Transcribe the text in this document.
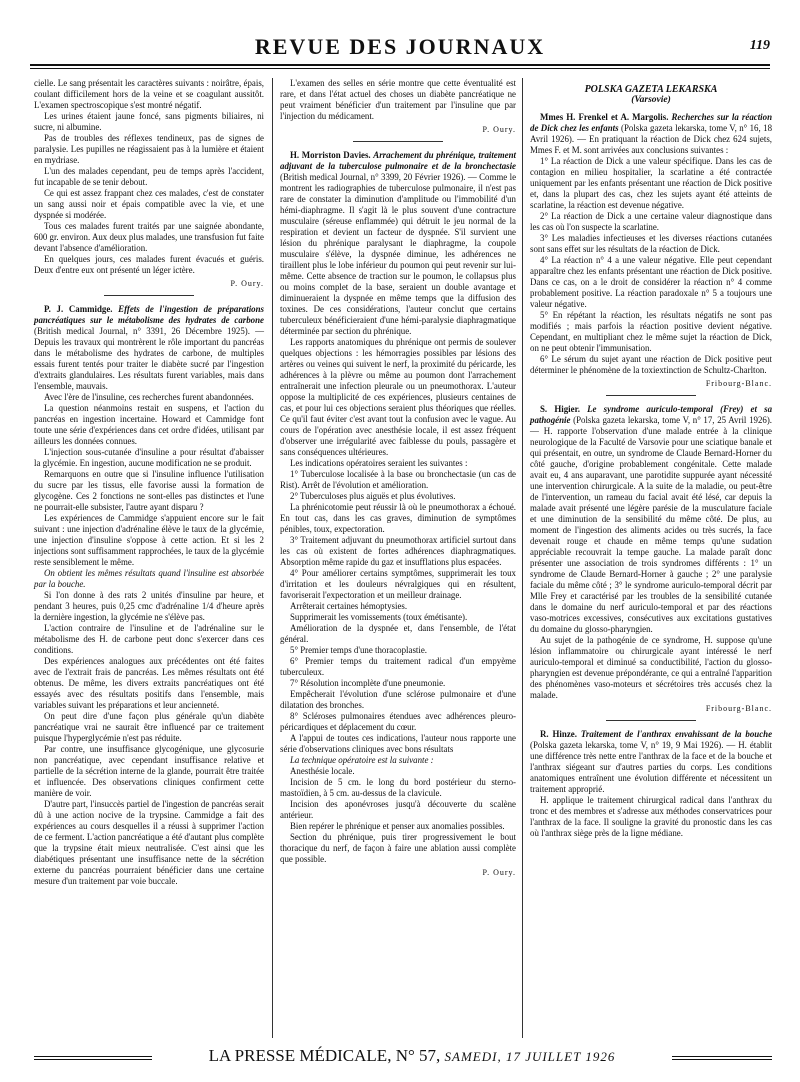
REVUE DES JOURNAUX	119

cielle. Le sang présentait les caractères suivants : noirâtre, épais, coulant difficilement hors de la veine et se coagulant aussitôt. L'examen spectroscopique s'est montré négatif.

Les urines étaient jaune foncé, sans pigments biliaires, ni sucre, ni albumine.

Pas de troubles des réflexes tendineux, pas de signes de paralysie. Les pupilles ne réagissaient pas à la lumière et étaient en mydriase.

L'un des malades cependant, peu de temps après l'accident, fut incapable de se tenir debout.

Ce qui est assez frappant chez ces malades, c'est de constater un sang aussi noir et épais compatible avec la vie, et une dyspnée si modérée.

Tous ces malades furent traités par une saignée abondante, 600 gr. environ. Aux deux plus malades, une transfusion fut faite devant l'absence d'amélioration.

En quelques jours, ces malades furent évacués et guéris. Deux d'entre eux ont présenté un léger ictère.

P. Oury.

P. J. Cammidge. Effets de l'ingestion de préparations pancréatiques sur le métabolisme des hydrates de carbone (British medical Journal, n° 3391, 26 Décembre 1925). — Depuis les travaux qui montrèrent le rôle important du pancréas dans le métabolisme des hydrates de carbone, de multiples essais furent tentés pour traiter le diabète sucré par l'ingestion d'extraits glandulaires. Les résultats furent variables, mais dans l'ensemble, mauvais.

Avec l'ère de l'insuline, ces recherches furent abandonnées.

La question néanmoins restait en suspens, et l'action du pancréas en ingestion incertaine. Howard et Cammidge font toute une série d'expériences dans cet ordre d'idées, utilisant par ailleurs les données connues.

L'injection sous-cutanée d'insuline a pour résultat d'abaisser la glycémie. En ingestion, aucune modification ne se produit.

Remarquons en outre que si l'insuline influence l'utilisation du sucre par les tissus, elle favorise aussi la formation de glycogène. Ces 2 fonctions ne sont-elles pas distinctes et l'une ne pourrait-elle subsister, l'autre ayant disparu ?

Les expériences de Cammidge s'appuient encore sur le fait suivant : une injection d'adrénaline élève le taux de la glycémie, une injection d'insuline s'oppose à cette action. Et si les 2 injections sont suffisamment rapprochées, le taux de la glycémie reste sensiblement le même.

On obtient les mêmes résultats quand l'insuline est absorbée par la bouche.

Si l'on donne à des rats 2 unités d'insuline par heure, et pendant 3 heures, puis 0,25 cmc d'adrénaline 1/4 d'heure après la dernière ingestion, la glycémie ne s'élève pas.

L'action contraire de l'insuline et de l'adrénaline sur le métabolisme des H. de carbone peut donc s'exercer dans ces conditions.

Des expériences analogues aux précédentes ont été faites avec de l'extrait frais de pancréas. Les mêmes résultats ont été obtenus. De même, les divers extraits pancréatiques ont été essayés avec des résultats positifs dans l'ensemble, mais variables suivant les préparations et leur ancienneté.

On peut dire d'une façon plus générale qu'un diabète pancréatique vrai ne saurait être influencé par ce traitement puisque l'hyperglycémie n'est pas réduite.

Par contre, une insuffisance glycogénique, une glycosurie non pancréatique, avec cependant insuffisance relative et partielle de la sécrétion interne de la glande, pourrait être traitée et influencée. Des observations cliniques confirment cette manière de voir.

D'autre part, l'insuccès partiel de l'ingestion de pancréas serait dû à une action nocive de la trypsine. Cammidge a fait des expériences au cours desquelles il a réussi à supprimer l'action de ce ferment. L'action pancréatique a été d'autant plus complète que la trypsine était mieux neutralisée. C'est ainsi que les diabétiques présentant une insuffisance nette de la sécrétion externe du pancréas pourraient bénéficier dans une certaine mesure d'un traitement par voie buccale.

L'examen des selles en série montre que cette éventualité est rare, et dans l'état actuel des choses un diabète pancréatique ne peut vraiment bénéficier d'un traitement par l'insuline que par l'injection du médicament.

P. Oury.

H. Morriston Davies. Arrachement du phrénique, traitement adjuvant de la tuberculose pulmonaire et de la bronchectasie (British medical Journal, n° 3399, 20 Février 1926). — Comme le montrent les radiographies de tuberculose pulmonaire, il n'est pas rare de constater la diminution d'amplitude ou l'immobilité d'un hémi-diaphragme. Il s'agit là le plus souvent d'une contracture musculaire (séreuse enflammée) qui détruit le jeu normal de la respiration et devient un facteur de dyspnée. S'il survient une lésion du phrénique paralysant le diaphragme, la coupole musculaire s'élève, la dyspnée diminue, les adhérences ne tiraillent plus le lobe inférieur du poumon qui peut revenir sur lui-même. Cette absence de traction sur le poumon, le collapsus plus ou moins complet de la base, seraient un double avantage et diminueraient la dyspnée en même temps que la diffusion des toxines. De ces considérations, l'auteur conclut que certains tuberculeux bénéficieraient d'une hémi-paralysie diaphragmatique déterminée par section du phrénique.

Les rapports anatomiques du phrénique ont permis de soulever quelques objections : les hémorragies possibles par lésions des artères ou veines qui suivent le nerf, la proximité du péricarde, les adhérences à la plèvre ou même au poumon dont l'arrachement entraînerait une infection pleurale ou un pneumothorax. L'auteur oppose la multiplicité de ces expériences, plusieurs centaines de cas, et pour lui ces objections seraient plus théoriques que réelles. Ce qu'il faut éviter c'est avant tout la confusion avec le vague. Au cours de l'opération avec anesthésie locale, il est assez fréquent d'observer une irrégularité avec faiblesse du pouls, passagère et sans conséquences ultérieures.

Les indications opératoires seraient les suivantes :

1° Tuberculose localisée à la base ou bronchectasie (un cas de Rist). Arrêt de l'évolution et amélioration.

2° Tuberculoses plus aiguës et plus évolutives.

La phrénicotomie peut réussir là où le pneumothorax a échoué. En tout cas, dans les cas graves, diminution de symptômes pénibles, toux, expectoration.

3° Traitement adjuvant du pneumothorax artificiel surtout dans les cas où existent de fortes adhérences diaphragmatiques. Absorption même rapide du gaz et insufflations plus espacées.

4° Pour améliorer certains symptômes, supprimerait les toux d'irritation et les douleurs névralgiques qui en résultent, favoriserait l'expectoration et un meilleur drainage.

Arrêterait certaines hémoptysies.

Supprimerait les vomissements (toux émétisante).

Amélioration de la dyspnée et, dans l'ensemble, de l'état général.

5° Premier temps d'une thoracoplastie.

6° Premier temps du traitement radical d'un empyème tuberculeux.

7° Résolution incomplète d'une pneumonie.

Empêcherait l'évolution d'une sclérose pulmonaire et d'une dilatation des bronches.

8° Scléroses pulmonaires étendues avec adhérences pleuro-péricardiques et déplacement du cœur.

A l'appui de toutes ces indications, l'auteur nous rapporte une série d'observations cliniques avec bons résultats

La technique opératoire est la suivante :

Anesthésie locale.

Incision de 5 cm. le long du bord postérieur du sterno-mastoïdien, à 5 cm. au-dessus de la clavicule.

Incision des aponévroses jusqu'à découverte du scalène antérieur.

Bien repérer le phrénique et penser aux anomalies possibles.

Section du phrénique, puis tirer progressivement le bout thoracique du nerf, de façon à faire une ablation aussi complète que possible.

P. Oury.
POLSKA GAZETA LEKARSKA
(Varsovie)

Mmes H. Frenkel et A. Margolis. Recherches sur la réaction de Dick chez les enfants (Polska gazeta lekarska, tome V, n° 16, 18 Avril 1926). — En pratiquant la réaction de Dick chez 624 sujets, Mmes F. et M. sont arrivées aux conclusions suivantes :

1° La réaction de Dick a une valeur spécifique. Dans les cas de contagion en milieu hospitalier, la scarlatine a été contractée uniquement par les enfants présentant une réaction de Dick positive et, dans la plupart des cas, chez les sujets ayant été atteints de scarlatine, la réaction est devenue négative.

2° La réaction de Dick a une certaine valeur diagnostique dans les cas où l'on suspecte la scarlatine.

3° Les maladies infectieuses et les diverses réactions cutanées sont sans effet sur les résultats de la réaction de Dick.

4° La réaction n° 4 a une valeur négative. Elle peut cependant apparaître chez les enfants présentant une réaction de Dick positive. Dans ce cas, on a le droit de considérer la réaction n° 4 comme probablement positive. La réaction paradoxale n° 5 a toujours une valeur négative.

5° En répétant la réaction, les résultats négatifs ne sont pas modifiés ; mais parfois la réaction positive devient négative. Cependant, en multipliant chez le même sujet la réaction de Dick, on ne peut obtenir l'immunisation.

6° Le sérum du sujet ayant une réaction de Dick positive peut déterminer le phénomène de la toxiextinction de Schultz-Charlton.

Fribourg-Blanc.

S. Higier. Le syndrome auriculo-temporal (Frey) et sa pathogénie (Polska gazeta lekarska, tome V, n° 17, 25 Avril 1926). — H. rapporte l'observation d'une malade entrée à la clinique neurologique de la Faculté de Varsovie pour une sciatique banale et qui présentait, en outre, un syndrome de Claude Bernard-Horner du côté gauche, d'origine probablement congénitale. Cette malade avait eu, 4 ans auparavant, une parotidite suppurée ayant nécessité une intervention chirurgicale. A la suite de la maladie, ou peut-être de l'intervention, un rameau du facial avait été lésé, car depuis la malade avait présenté une légère parésie de la musculature faciale et une diminution de la sensibilité du même côté. De plus, au moment de l'ingestion des aliments acides ou très sucrés, la face devenait rouge et chaude en même temps qu'une sudation appréciable recouvrait la tempe gauche. La malade paraît donc présenter une association de trois syndromes différents : 1° un syndrome de Claude Bernard-Horner à gauche ; 2° une paralysie faciale du même côté ; 3° le syndrome auriculo-temporal décrit par Mlle Frey et caractérisé par les troubles de la sensibilité cutanée dans le domaine du nerf auriculo-temporal et par des réactions vaso-motrices excessives, consécutives aux excitations gustatives du domaine du glosso-pharyngien.

Au sujet de la pathogénie de ce syndrome, H. suppose qu'une lésion inflammatoire ou chirurgicale ayant intéressé le nerf auriculo-temporal et diminué sa conductibilité, l'action du glosso-pharyngien est devenue prépondérante, ce qui a entraîné l'apparition des phénomènes vaso-moteurs et sécrétoires très accusés chez la malade.

Fribourg-Blanc.

R. Hinze. Traitement de l'anthrax envahissant de la bouche (Polska gazeta lekarska, tome V, n° 19, 9 Mai 1926). — H. établit une différence très nette entre l'anthrax de la face et de la bouche et l'anthrax siégeant sur d'autres parties du corps. Les conditions anatomiques entraînent une évolution différente et nécessitent un traitement approprié.

H. applique le traitement chirurgical radical dans l'anthrax du tronc et des membres et s'adresse aux méthodes conservatrices pour l'anthrax de la face. Il souligne la gravité du pronostic dans les cas où l'anthrax siège près de la ligne médiane.

LA PRESSE MÉDICALE, N° 57, SAMEDI, 17 JUILLET 1926
